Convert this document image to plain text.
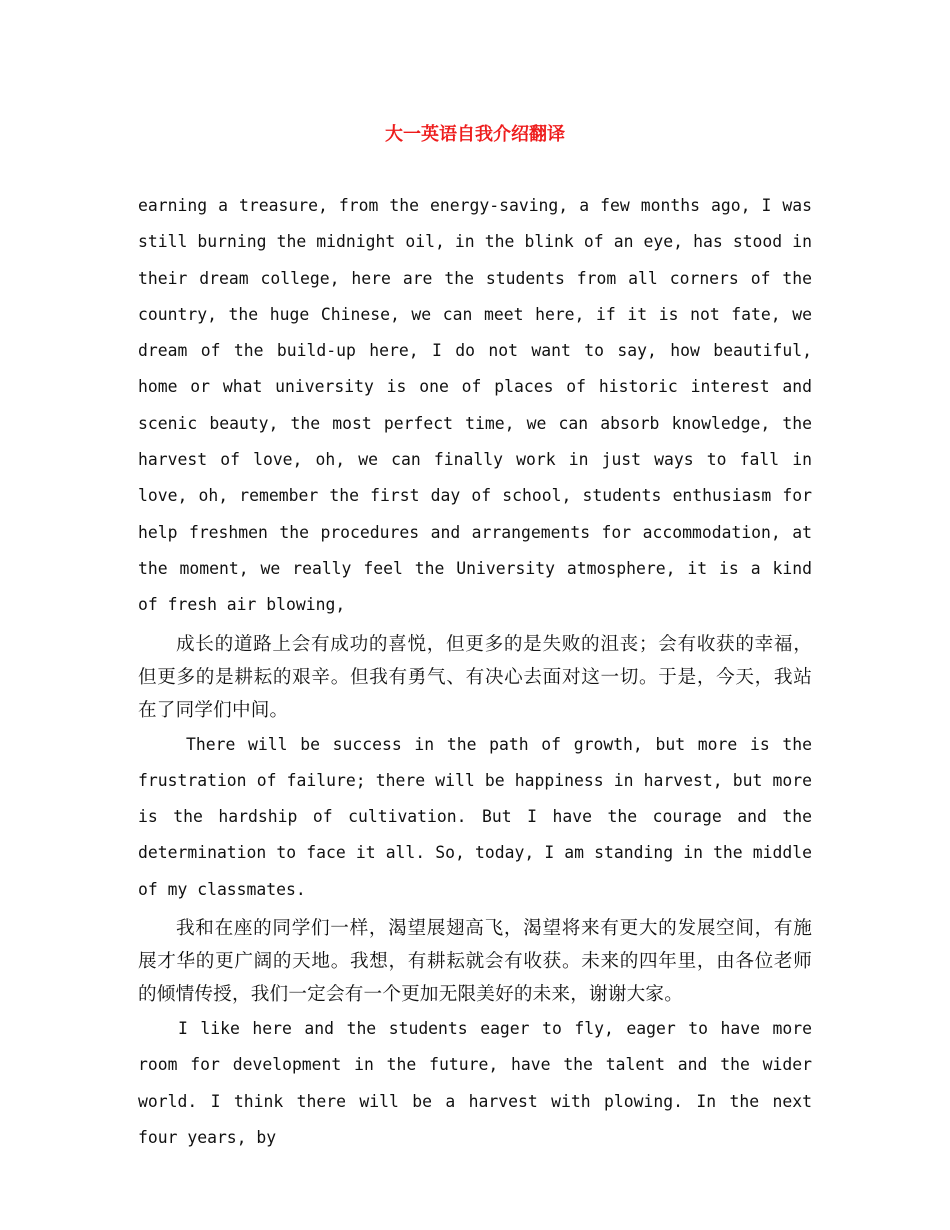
大一英语自我介绍翻译

earning a treasure, from the energy-saving, a few months ago, I was still burning the midnight oil, in the blink of an eye, has stood in their dream college, here are the students from all corners of the country, the huge Chinese, we can meet here, if it is not fate, we dream of the build-up here, I do not want to say, how beautiful, home or what university is one of places of historic interest and scenic beauty, the most perfect time, we can absorb knowledge, the harvest of love, oh, we can finally work in just ways to fall in love, oh, remember the first day of school, students enthusiasm for help freshmen the procedures and arrangements for accommodation, at the moment, we really feel the University atmosphere, it is a kind of fresh air blowing,

成长的道路上会有成功的喜悦，但更多的是失败的沮丧；会有收获的幸福，但更多的是耕耘的艰辛。但我有勇气、有决心去面对这一切。于是，今天，我站在了同学们中间。

There will be success in the path of growth, but more is the frustration of failure; there will be happiness in harvest, but more is the hardship of cultivation. But I have the courage and the determination to face it all. So, today, I am standing in the middle of my classmates.

我和在座的同学们一样，渴望展翅高飞，渴望将来有更大的发展空间，有施展才华的更广阔的天地。我想，有耕耘就会有收获。未来的四年里，由各位老师的倾情传授，我们一定会有一个更加无限美好的未来，谢谢大家。

I like here and the students eager to fly, eager to have more room for development in the future, have the talent and the wider world. I think there will be a harvest with plowing. In the next four years, by
